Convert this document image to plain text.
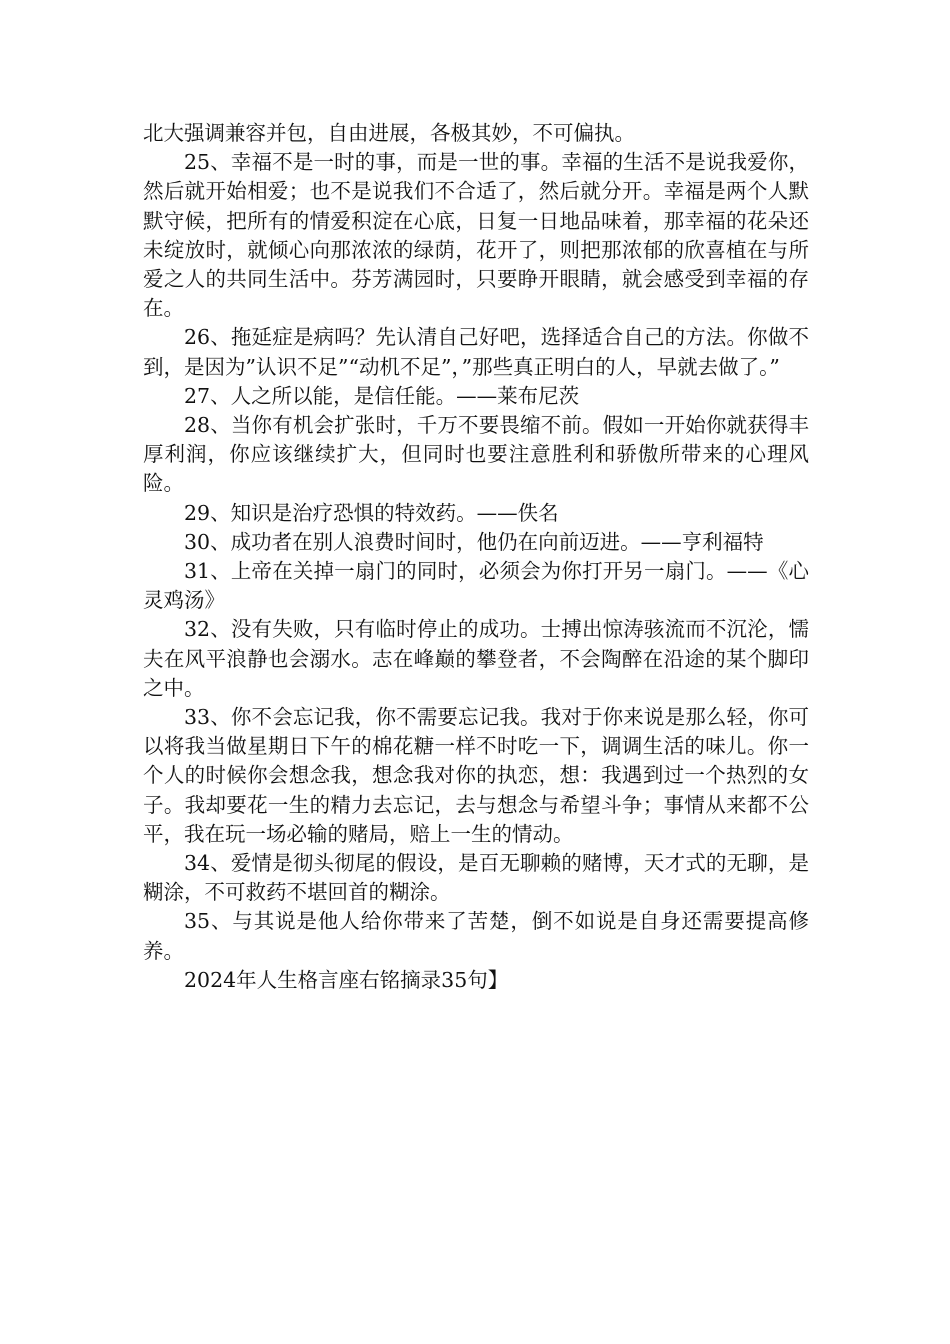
北大强调兼容并包，自由进展，各极其妙，不可偏执。

25、幸福不是一时的事，而是一世的事。幸福的生活不是说我爱你，然后就开始相爱；也不是说我们不合适了，然后就分开。幸福是两个人默默守候，把所有的情爱积淀在心底，日复一日地品味着，那幸福的花朵还未绽放时，就倾心向那浓浓的绿荫，花开了，则把那浓郁的欣喜植在与所爱之人的共同生活中。芬芳满园时，只要睁开眼睛，就会感受到幸福的存在。

26、拖延症是病吗？先认清自己好吧，选择适合自己的方法。你做不到，是因为”认识不足”“动机不足”，”那些真正明白的人，早就去做了。”

27、人之所以能，是信任能。——莱布尼茨

28、当你有机会扩张时，千万不要畏缩不前。假如一开始你就获得丰厚利润，你应该继续扩大，但同时也要注意胜利和骄傲所带来的心理风险。

29、知识是治疗恐惧的特效药。——佚名

30、成功者在别人浪费时间时，他仍在向前迈进。——亨利福特

31、上帝在关掉一扇门的同时，必须会为你打开另一扇门。——《心灵鸡汤》

32、没有失败，只有临时停止的成功。士搏出惊涛骇流而不沉沦，懦夫在风平浪静也会溺水。志在峰巅的攀登者，不会陶醉在沿途的某个脚印之中。

33、你不会忘记我，你不需要忘记我。我对于你来说是那么轻，你可以将我当做星期日下午的棉花糖一样不时吃一下，调调生活的味儿。你一个人的时候你会想念我，想念我对你的执恋，想：我遇到过一个热烈的女子。我却要花一生的精力去忘记，去与想念与希望斗争；事情从来都不公平，我在玩一场必输的赌局，赔上一生的情动。

34、爱情是彻头彻尾的假设，是百无聊赖的赌博，天才式的无聊，是糊涂，不可救药不堪回首的糊涂。

35、与其说是他人给你带来了苦楚，倒不如说是自身还需要提高修养。

2024年人生格言座右铭摘录35句】
